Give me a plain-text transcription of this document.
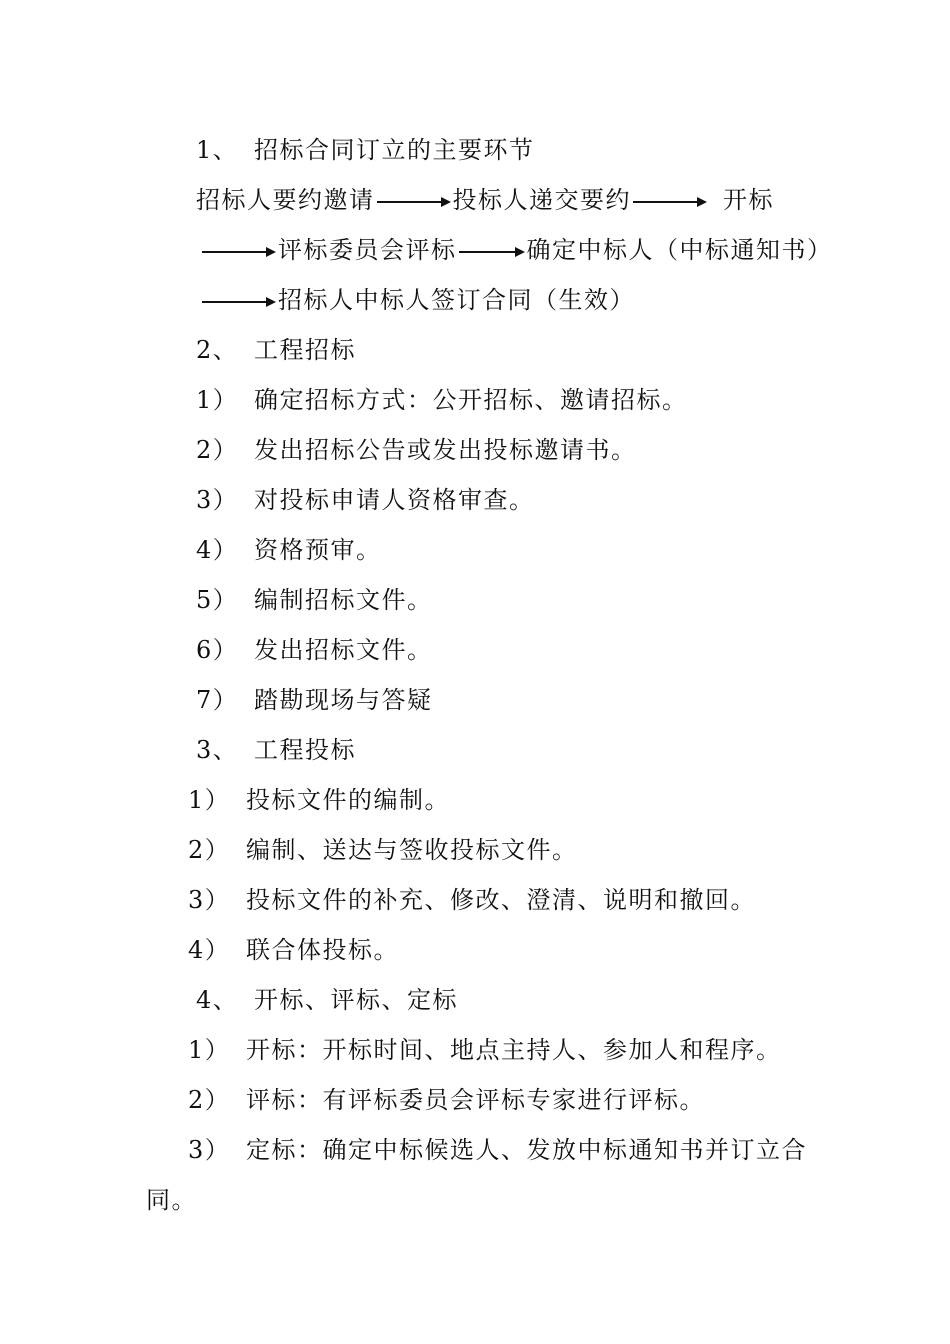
1、 招标合同订立的主要环节
招标人要约邀请	投标人递交要约	开标
评标委员会评标	确定中标人（中标通知书）
招标人中标人签订合同（生效）
2、 工程招标
1） 确定招标方式：公开招标、邀请招标。
2） 发出招标公告或发出投标邀请书。
3） 对投标申请人资格审查。
4） 资格预审。
5） 编制招标文件。
6） 发出招标文件。
7） 踏勘现场与答疑
3、 工程投标
1） 投标文件的编制。
2） 编制、送达与签收投标文件。
3） 投标文件的补充、修改、澄清、说明和撤回。
4） 联合体投标。
4、 开标、评标、定标
1） 开标：开标时间、地点主持人、参加人和程序。
2） 评标：有评标委员会评标专家进行评标。
3） 定标：确定中标候选人、发放中标通知书并订立合
同。
